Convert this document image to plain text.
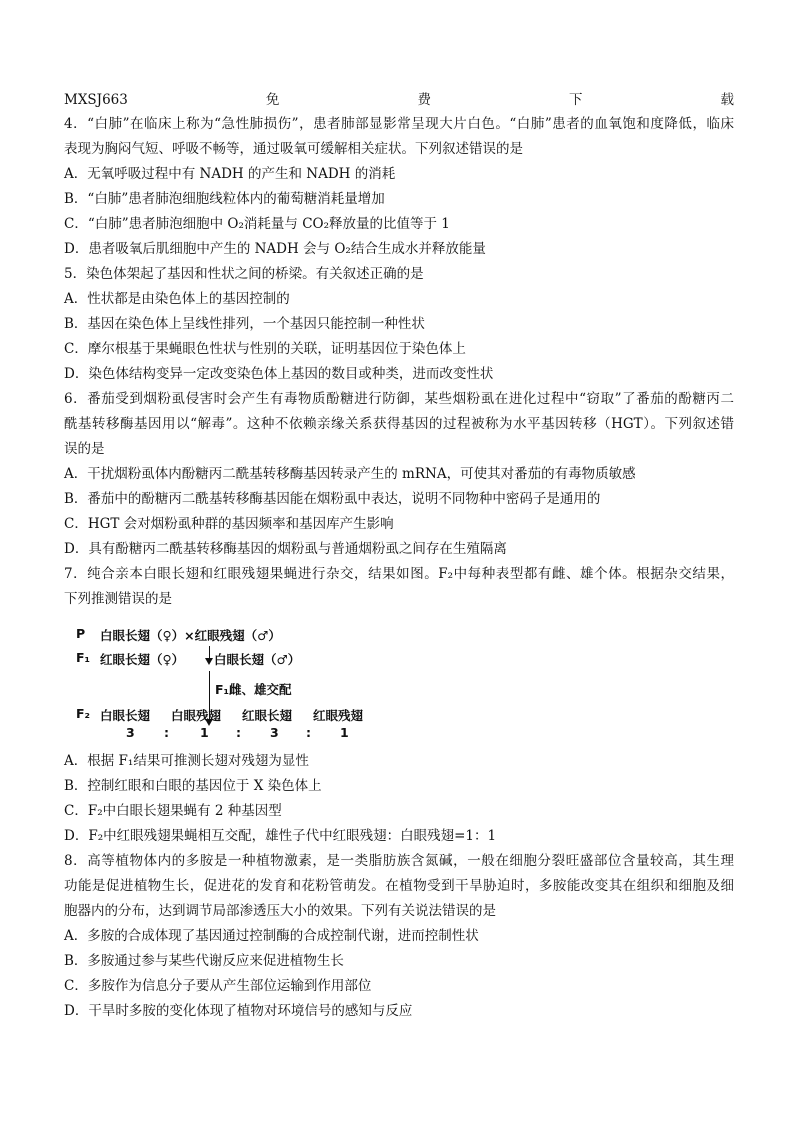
MXSJ663	免	费	下	载
4．“白肺”在临床上称为“急性肺损伤”，患者肺部显影常呈现大片白色。“白肺”患者的血氧饱和度降低，临床
表现为胸闷气短、呼吸不畅等，通过吸氧可缓解相关症状。下列叙述错误的是
A．无氧呼吸过程中有 NADH 的产生和 NADH 的消耗
B．“白肺”患者肺泡细胞线粒体内的葡萄糖消耗量增加
C．“白肺”患者肺泡细胞中 O₂消耗量与 CO₂释放量的比值等于 1
D．患者吸氧后肌细胞中产生的 NADH 会与 O₂结合生成水并释放能量
5．染色体架起了基因和性状之间的桥梁。有关叙述正确的是
A．性状都是由染色体上的基因控制的
B．基因在染色体上呈线性排列，一个基因只能控制一种性状
C．摩尔根基于果蝇眼色性状与性别的关联，证明基因位于染色体上
D．染色体结构变异一定改变染色体上基因的数目或种类，进而改变性状
6．番茄受到烟粉虱侵害时会产生有毒物质酚糖进行防御，某些烟粉虱在进化过程中“窃取”了番茄的酚糖丙二
酰基转移酶基因用以“解毒”。这种不依赖亲缘关系获得基因的过程被称为水平基因转移（HGT）。下列叙述错
误的是
A．干扰烟粉虱体内酚糖丙二酰基转移酶基因转录产生的 mRNA，可使其对番茄的有毒物质敏感
B．番茄中的酚糖丙二酰基转移酶基因能在烟粉虱中表达，说明不同物种中密码子是通用的
C．HGT 会对烟粉虱种群的基因频率和基因库产生影响
D．具有酚糖丙二酰基转移酶基因的烟粉虱与普通烟粉虱之间存在生殖隔离
7．纯合亲本白眼长翅和红眼残翅果蝇进行杂交，结果如图。F₂中每种表型都有雌、雄个体。根据杂交结果，
下列推测错误的是
P 白眼长翅（♀）×红眼残翅（♂）
F₁ 红眼长翅（♀） 白眼长翅（♂）
F₁雌、雄交配
F₂ 白眼长翅 白眼残翅 红眼长翅 红眼残翅
3 : 1 : 3 : 1
A．根据 F₁结果可推测长翅对残翅为显性
B．控制红眼和白眼的基因位于 X 染色体上
C．F₂中白眼长翅果蝇有 2 种基因型
D．F₂中红眼残翅果蝇相互交配，雄性子代中红眼残翅：白眼残翅=1：1
8．高等植物体内的多胺是一种植物激素，是一类脂肪族含氮碱，一般在细胞分裂旺盛部位含量较高，其生理
功能是促进植物生长，促进花的发育和花粉管萌发。在植物受到干旱胁迫时，多胺能改变其在组织和细胞及细
胞器内的分布，达到调节局部渗透压大小的效果。下列有关说法错误的是
A．多胺的合成体现了基因通过控制酶的合成控制代谢，进而控制性状
B．多胺通过参与某些代谢反应来促进植物生长
C．多胺作为信息分子要从产生部位运输到作用部位
D．干旱时多胺的变化体现了植物对环境信号的感知与反应
